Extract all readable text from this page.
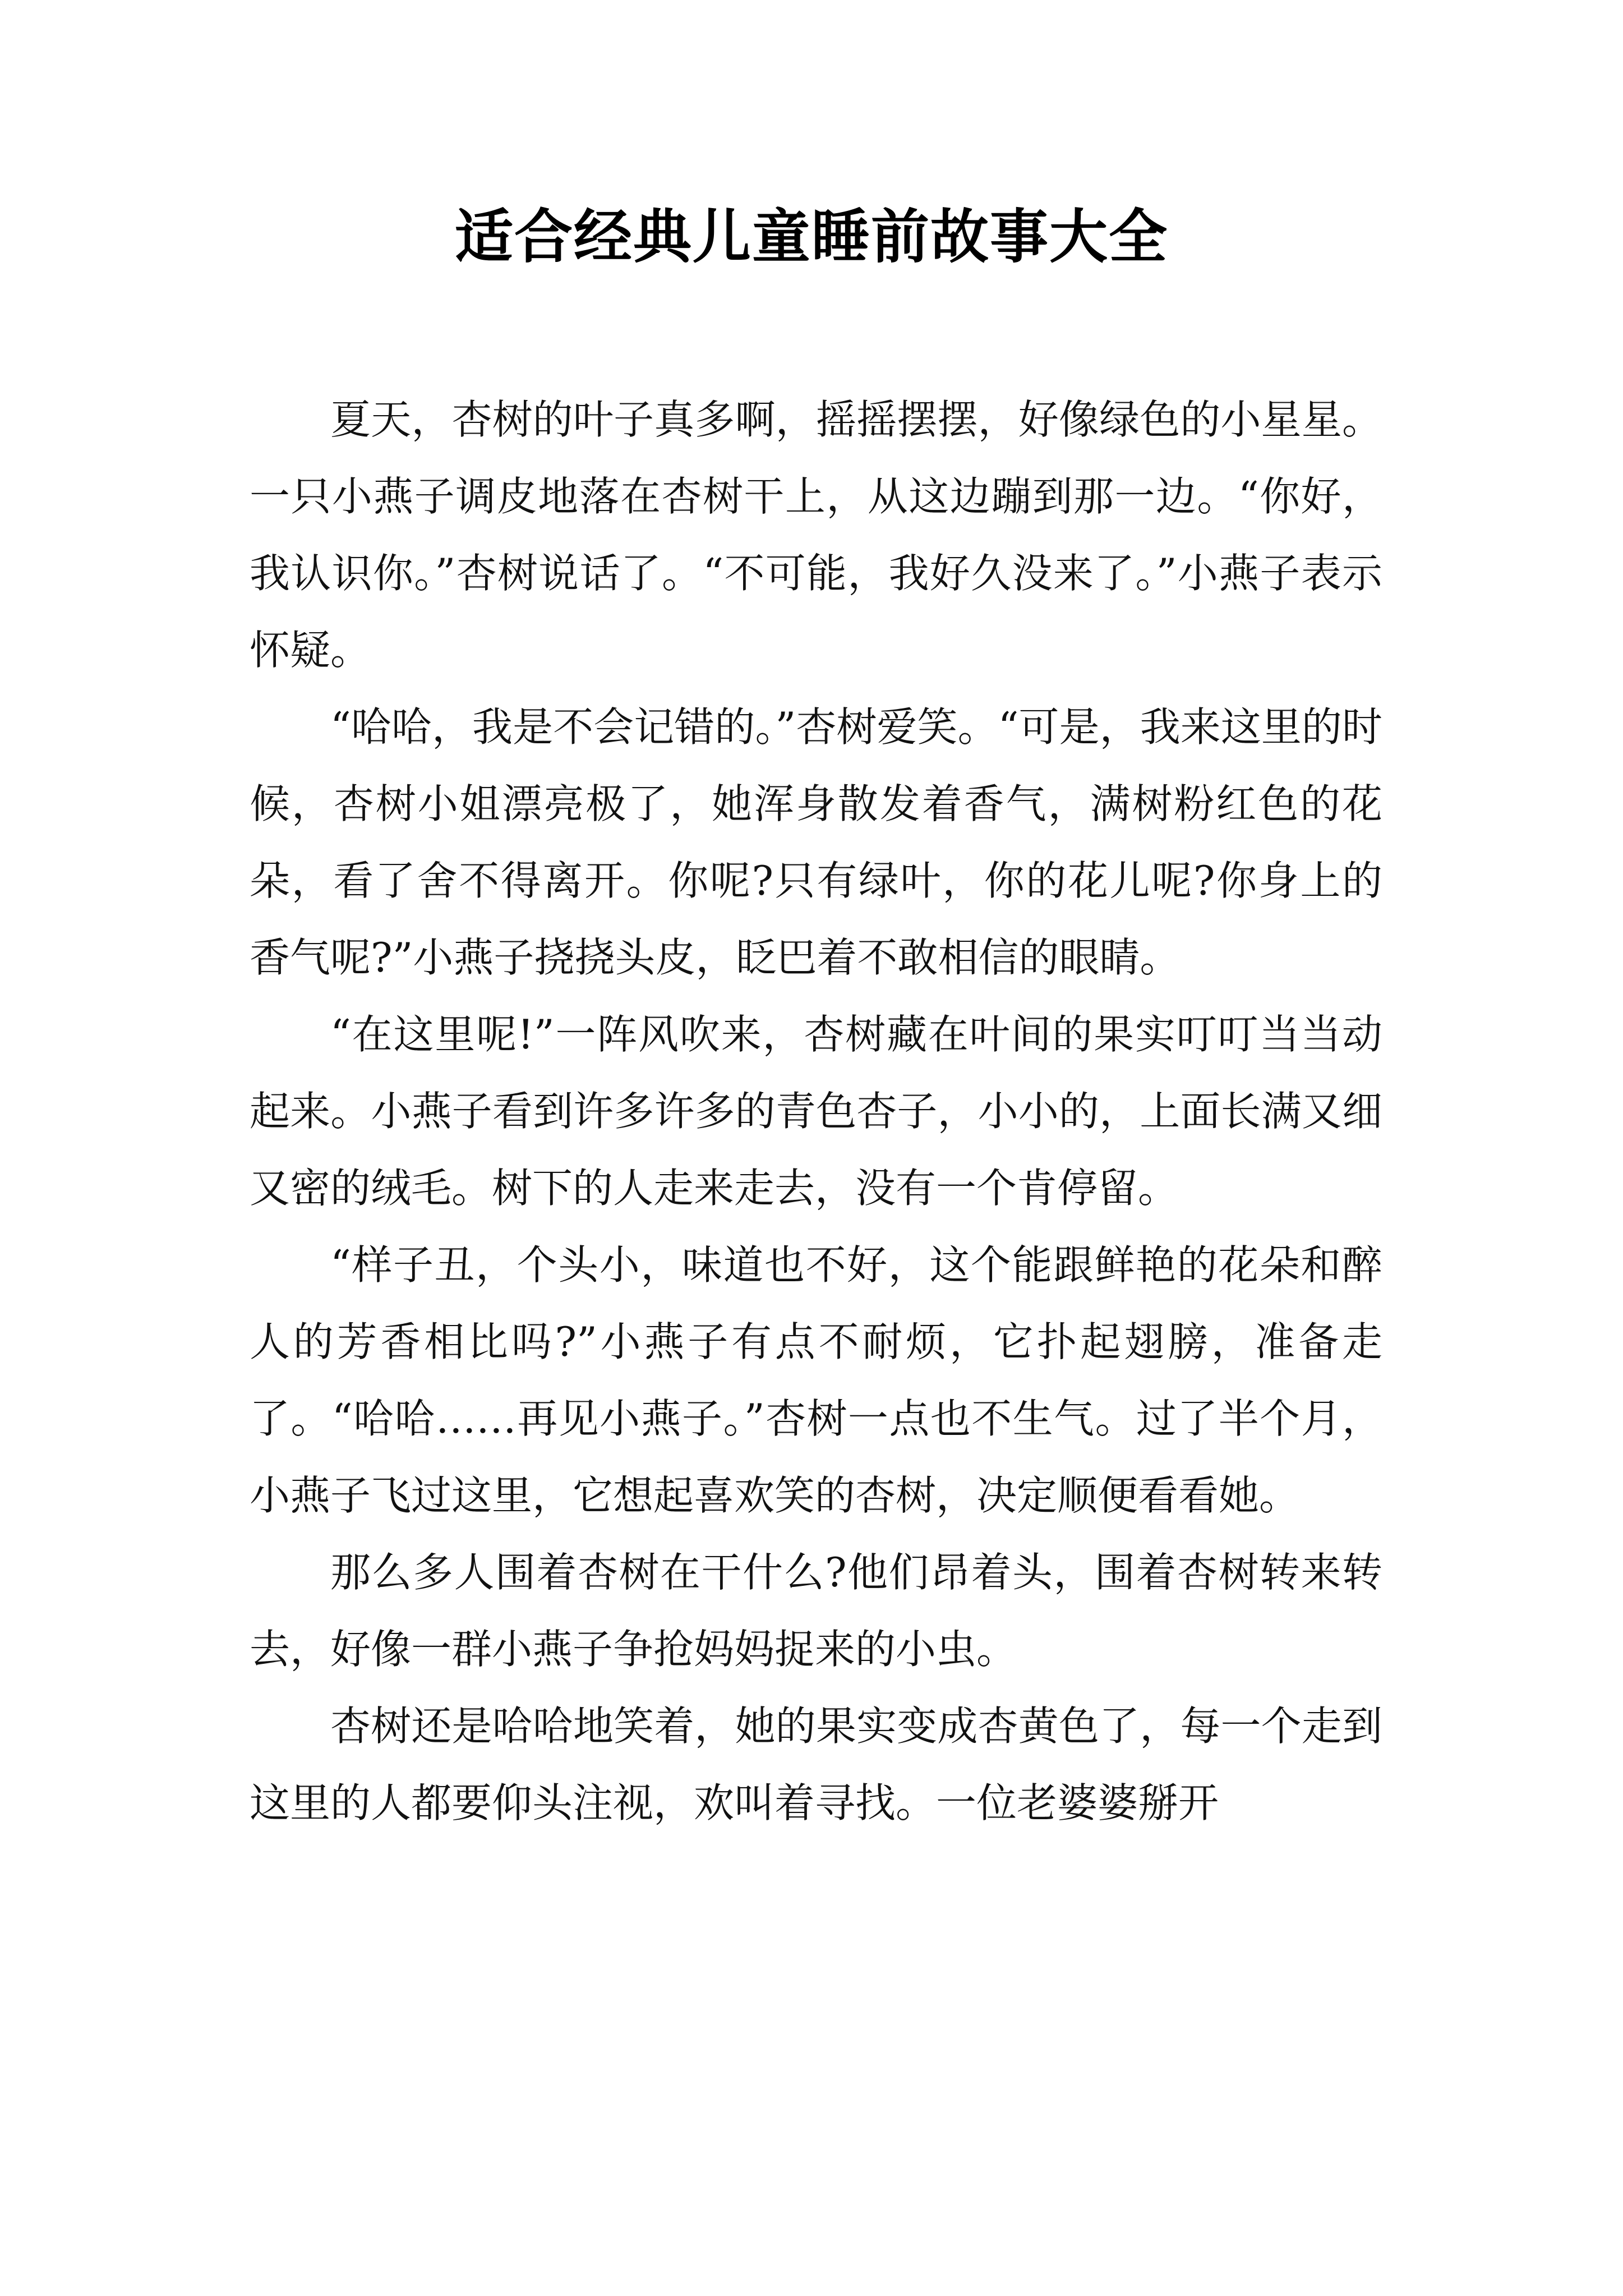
适合经典儿童睡前故事大全

夏天，杏树的叶子真多啊，摇摇摆摆，好像绿色的小星星。一只小燕子调皮地落在杏树干上，从这边蹦到那一边。“你好，我认识你。”杏树说话了。“不可能，我好久没来了。”小燕子表示怀疑。

“哈哈，我是不会记错的。”杏树爱笑。“可是，我来这里的时候，杏树小姐漂亮极了，她浑身散发着香气，满树粉红色的花朵，看了舍不得离开。你呢?只有绿叶，你的花儿呢?你身上的香气呢?”小燕子挠挠头皮，眨巴着不敢相信的眼睛。

“在这里呢!”一阵风吹来，杏树藏在叶间的果实叮叮当当动起来。小燕子看到许多许多的青色杏子，小小的，上面长满又细又密的绒毛。树下的人走来走去，没有一个肯停留。

“样子丑，个头小，味道也不好，这个能跟鲜艳的花朵和醉人的芳香相比吗?”小燕子有点不耐烦，它扑起翅膀，准备走了。“哈哈……再见小燕子。”杏树一点也不生气。过了半个月，小燕子飞过这里，它想起喜欢笑的杏树，决定顺便看看她。

那么多人围着杏树在干什么?他们昂着头，围着杏树转来转去，好像一群小燕子争抢妈妈捉来的小虫。

杏树还是哈哈地笑着，她的果实变成杏黄色了，每一个走到这里的人都要仰头注视，欢叫着寻找。一位老婆婆掰开
